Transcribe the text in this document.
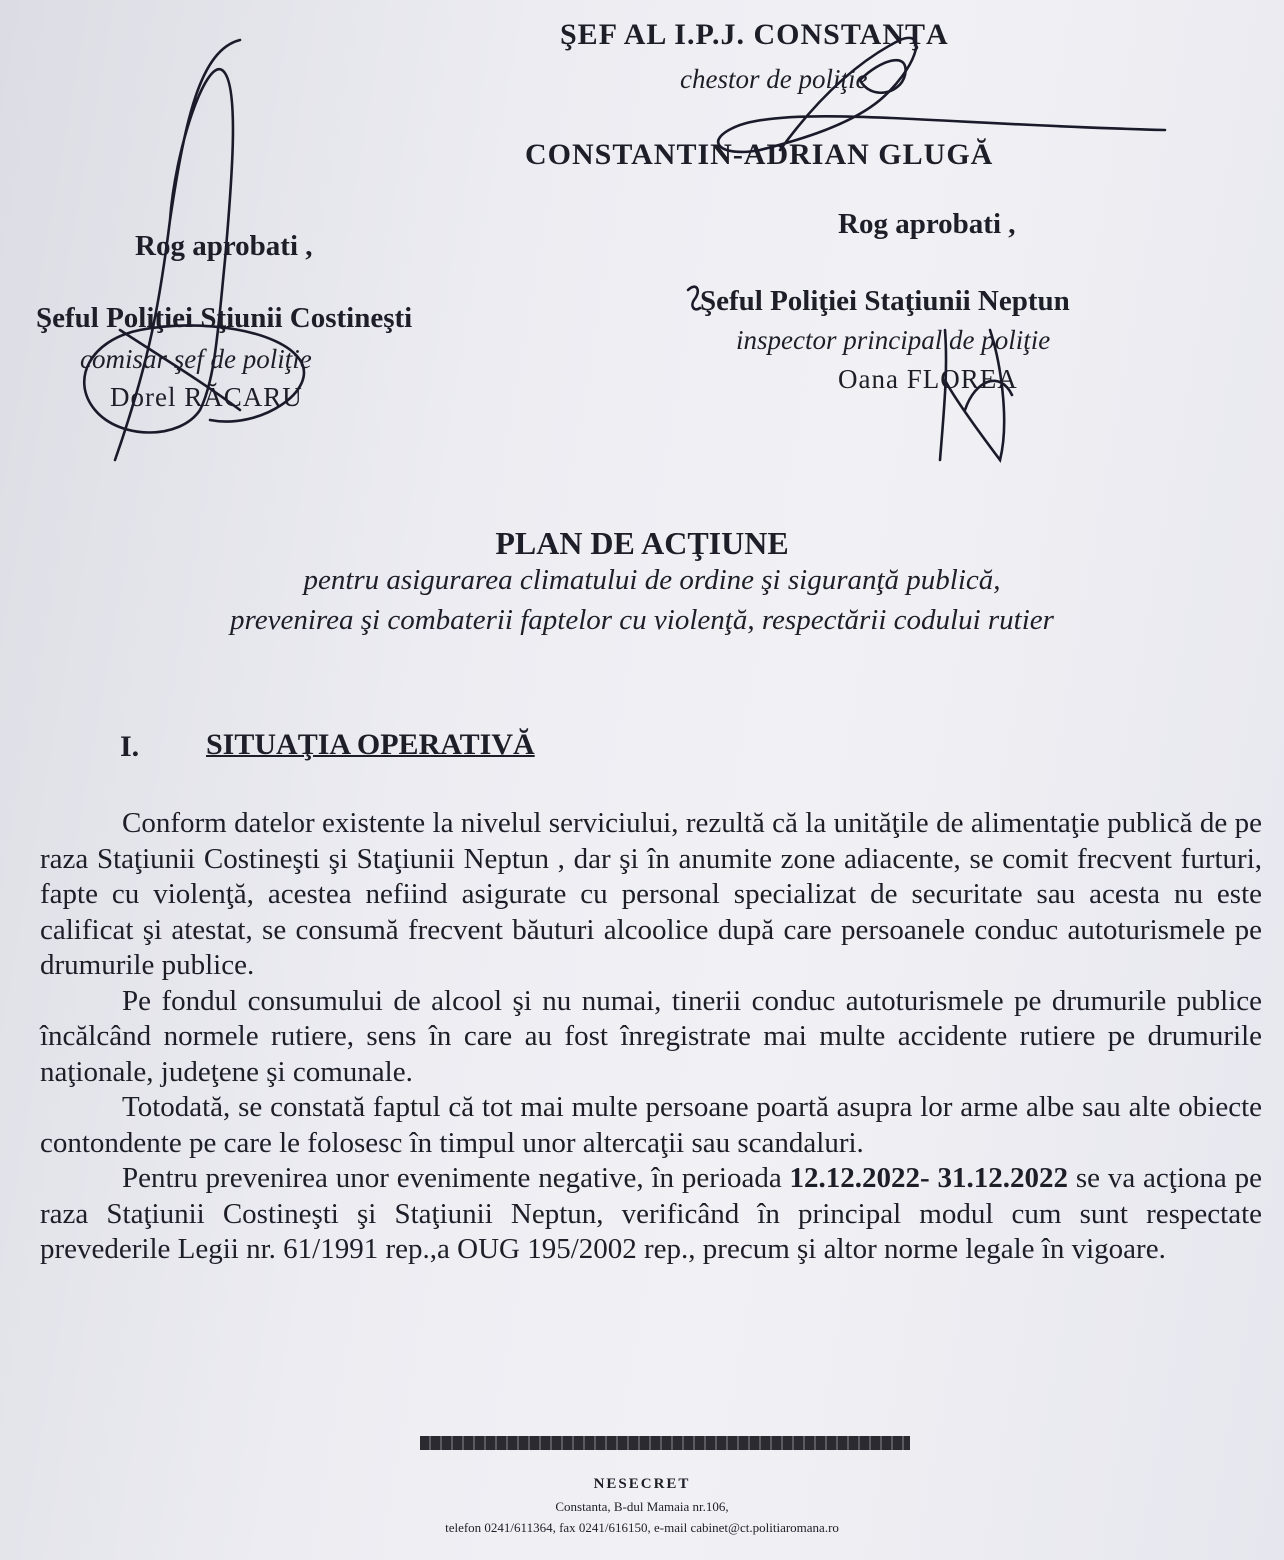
ŞEF AL I.P.J. CONSTANŢA
chestor de poliţie
CONSTANTIN-ADRIAN GLUGĂ
Rog aprobati ,
Rog aprobati ,
Şeful Poliţiei Sţiunii Costineşti
comisar şef de poliţie
Dorel RĂCARU
Şeful Poliţiei Staţiunii Neptun
inspector principal de poliţie
Oana FLOREA
PLAN DE ACŢIUNE
pentru asigurarea climatului de ordine şi siguranţă publică,
prevenirea şi combaterii faptelor cu violenţă, respectării codului rutier
I. SITUAŢIA OPERATIVĂ

Conform datelor existente la nivelul serviciului, rezultă că la unităţile de alimentaţie publică de pe raza Staţiunii Costineşti şi Staţiunii Neptun , dar şi în anumite zone adiacente, se comit frecvent furturi, fapte cu violenţă, acestea nefiind asigurate cu personal specializat de securitate sau acesta nu este calificat şi atestat, se consumă frecvent băuturi alcoolice după care persoanele conduc autoturismele pe drumurile publice.

Pe fondul consumului de alcool şi nu numai, tinerii conduc autoturismele pe drumurile publice încălcând normele rutiere, sens în care au fost înregistrate mai multe accidente rutiere pe drumurile naţionale, judeţene şi comunale.

Totodată, se constată faptul că tot mai multe persoane poartă asupra lor arme albe sau alte obiecte contondente pe care le folosesc în timpul unor altercaţii sau scandaluri.

Pentru prevenirea unor evenimente negative, în perioada 12.12.2022- 31.12.2022 se va acţiona pe raza Staţiunii Costineşti şi Staţiunii Neptun, verificând în principal modul cum sunt respectate prevederile Legii nr. 61/1991 rep.,a OUG 195/2002 rep., precum şi altor norme legale în vigoare.

NESECRET
Constanta, B-dul Mamaia nr.106,
telefon 0241/611364, fax 0241/616150, e-mail cabinet@ct.politiaromana.ro
